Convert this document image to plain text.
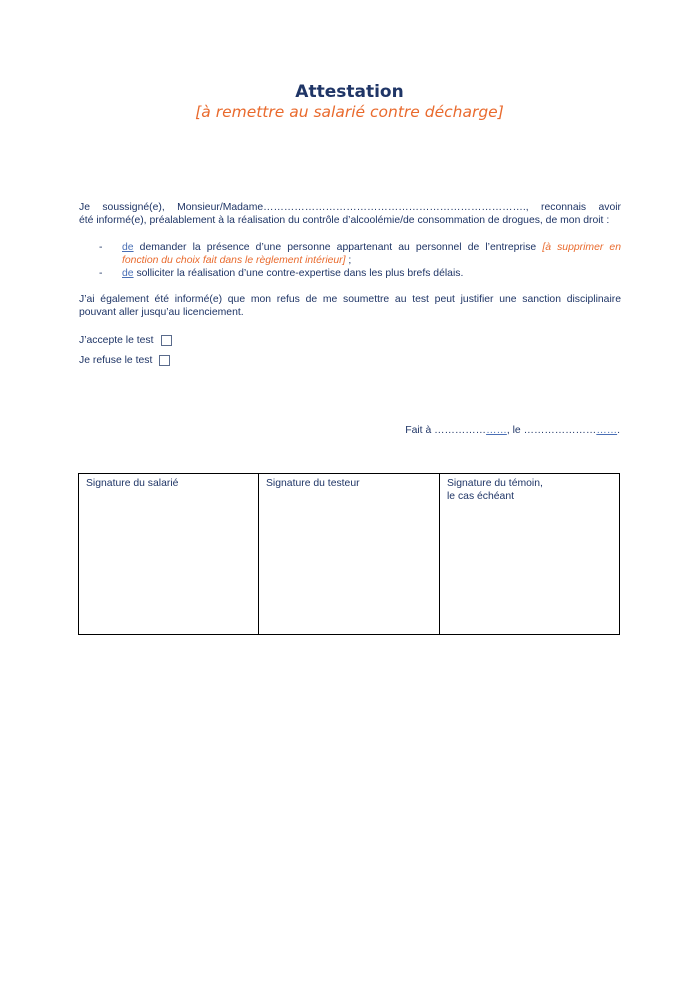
Attestation
[à remettre au salarié contre décharge]
Je soussigné(e), Monsieur/Madame…………………………………………………………………., reconnais avoir
été informé(e), préalablement à la réalisation du contrôle d’alcoolémie/de consommation de drogues, de mon droit :
- de demander la présence d’une personne appartenant au personnel de l’entreprise [à supprimer en
fonction du choix fait dans le règlement intérieur] ;
- de solliciter la réalisation d’une contre-expertise dans les plus brefs délais.
J’ai également été informé(e) que mon refus de me soumettre au test peut justifier une sanction disciplinaire
pouvant aller jusqu’au licenciement.
J’accepte le test
Je refuse le test
Fait à …………………, le ……………………….
Signature du salarié	Signature du testeur	Signature du témoin,
le cas échéant
